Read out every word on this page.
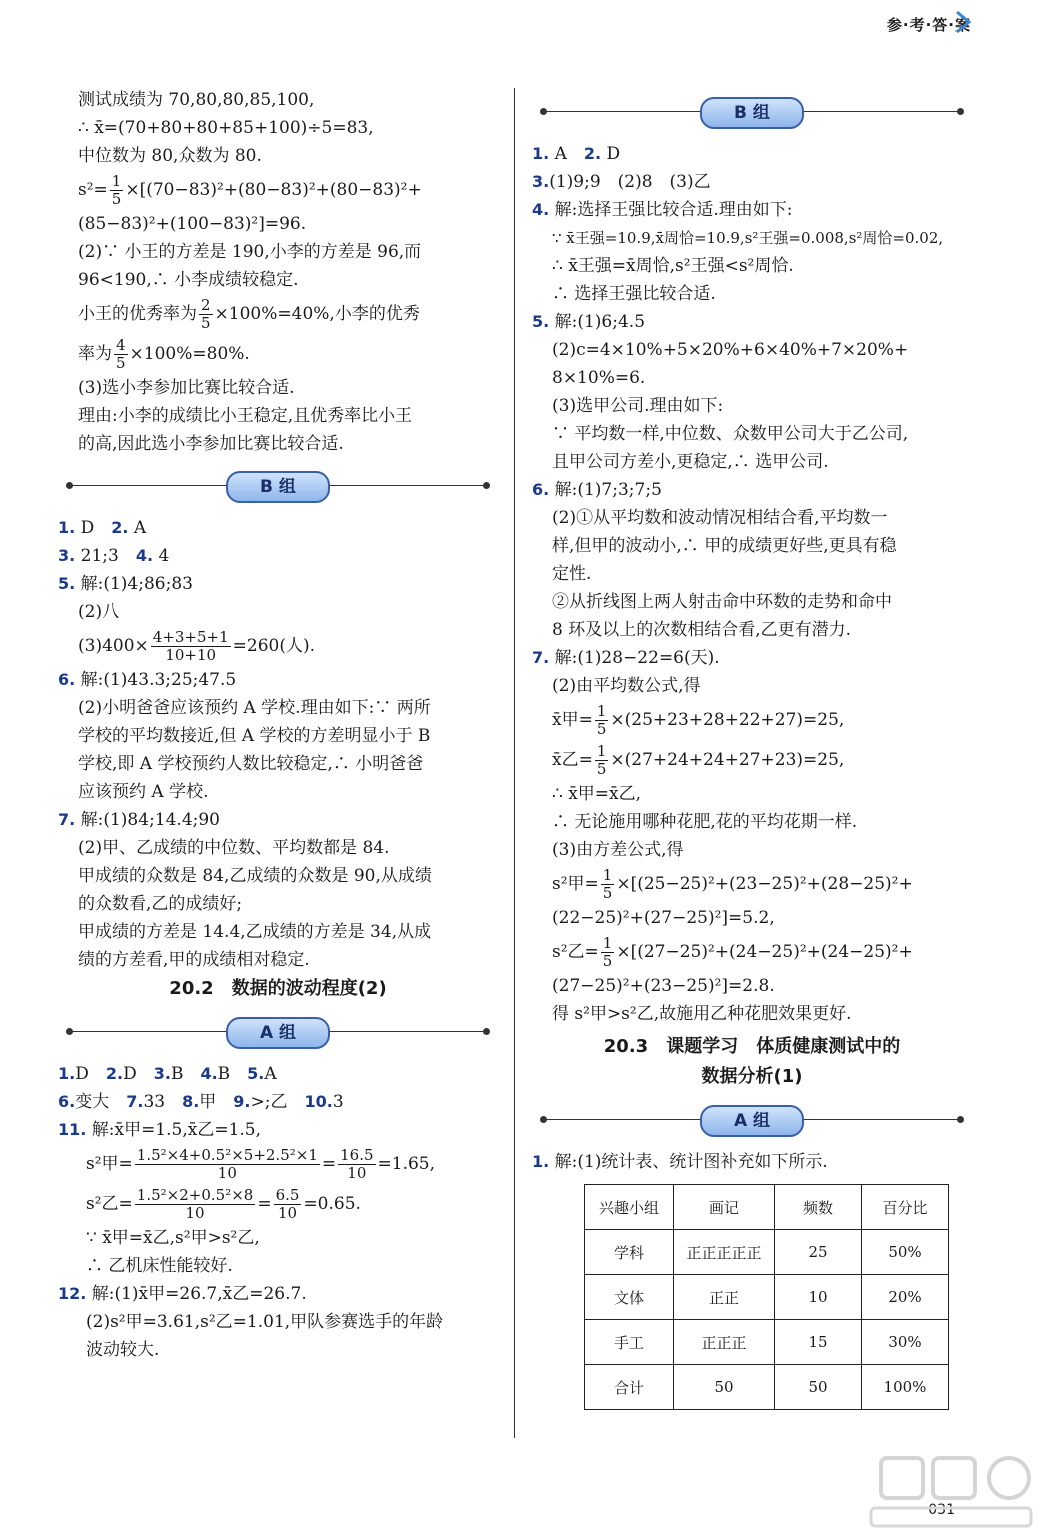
参·考·答·案
测试成绩为 70,80,80,85,100,
∴ x̄=(70+80+80+85+100)÷5=83,
中位数为 80,众数为 80.
$s^2= \frac{1}{5} \times[(70-83)^2+(80-83)^2+(80-83)^2+$
(85−83)²+(100−83)²]=96.
(2)∵ 小王的方差是 190,小李的方差是 96,而
96<190,∴ 小李成绩较稳定.
小王的优秀率为 $\frac{2}{5} \times 100\%=40\%$,小李的优秀
率为 $\frac{4}{5} \times 100\%=80\%$.
(3)选小李参加比赛比较合适.
理由:小李的成绩比小王稳定,且优秀率比小王
的高,因此选小李参加比赛比较合适.
B 组
1. D　 2. A
3. 21;3　 4. 4
5. 解:(1)4;86;83
(2)八
$(3)400\times \frac{4+3+5+1}{10+10} =260$(人).
6. 解:(1)43.3;25;47.5
(2)小明爸爸应该预约 A 学校.理由如下:∵ 两所
学校的平均数接近,但 A 学校的方差明显小于 B
学校,即 A 学校预约人数比较稳定,∴ 小明爸爸
应该预约 A 学校.
7. 解:(1)84;14.4;90
(2)甲、乙成绩的中位数、平均数都是 84.
甲成绩的众数是 84,乙成绩的众数是 90,从成绩
的众数看,乙的成绩好;
甲成绩的方差是 14.4,乙成绩的方差是 34,从成
绩的方差看,甲的成绩相对稳定.
20.2　数据的波动程度(2)
A 组
1.D　 2.D　 3.B　 4.B　 5.A
6.变大　 7.33　 8.甲　 9.>;乙　 10.3
11. 解:x̄甲=1.5,x̄乙=1.5,
s²甲= $\frac{\text{1.5²×4+0.5²×5+2.5²×1}}{10} = \frac{16.5}{10} =1.65$,
s²乙= $\frac{\text{1.5²×2+0.5²×8}}{10} = \frac{6.5}{10} =0.65$.
∵ x̄甲=x̄乙,s²甲>s²乙,
∴ 乙机床性能较好.
12. 解:(1)x̄甲=26.7,x̄乙=26.7.
(2)s²甲=3.61,s²乙=1.01,甲队参赛选手的年龄
波动较大.
B 组
1. A　 2. D
3.(1)9;9　(2)8　(3)乙
4. 解:选择王强比较合适.理由如下:
∵ x̄王强=10.9,x̄周恰=10.9,s²王强=0.008,s²周恰=0.02,
∴ x̄王强=x̄周恰,s²王强<s²周恰.
∴ 选择王强比较合适.
5. 解:(1)6;4.5
(2)c=4×10%+5×20%+6×40%+7×20%+
8×10%=6.
(3)选甲公司.理由如下:
∵ 平均数一样,中位数、众数甲公司大于乙公司,
且甲公司方差小,更稳定,∴ 选甲公司.
6. 解:(1)7;3;7;5
(2)①从平均数和波动情况相结合看,平均数一
样,但甲的波动小,∴ 甲的成绩更好些,更具有稳
定性.
②从折线图上两人射击命中环数的走势和命中
8 环及以上的次数相结合看,乙更有潜力.
7. 解:(1)28−22=6(天).
(2)由平均数公式,得
x̄甲= $\frac{1}{5} \times(25+23+28+22+27)=25$,
x̄乙= $\frac{1}{5} \times(27+24+24+27+23)=25$,
∴ x̄甲=x̄乙,
∴ 无论施用哪种花肥,花的平均花期一样.
(3)由方差公式,得
s²甲= $\frac{1}{5} \times[(25-25)^2+(23-25)^2+(28-25)^2+$
(22−25)²+(27−25)²]=5.2,
s²乙= $\frac{1}{5} \times[(27-25)^2+(24-25)^2+(24-25)^2+$
(27−25)²+(23−25)²]=2.8.
得 s²甲>s²乙,故施用乙种花肥效果更好.
20.3　课题学习　体质健康测试中的
数据分析(1)
A 组
1. 解:(1)统计表、统计图补充如下所示.
兴趣小组	画记	频数	百分比
学科	正正正正正	25	50%
文体	正正	10	20%
手工	正正正	15	30%
合计	50	50	100%
031
